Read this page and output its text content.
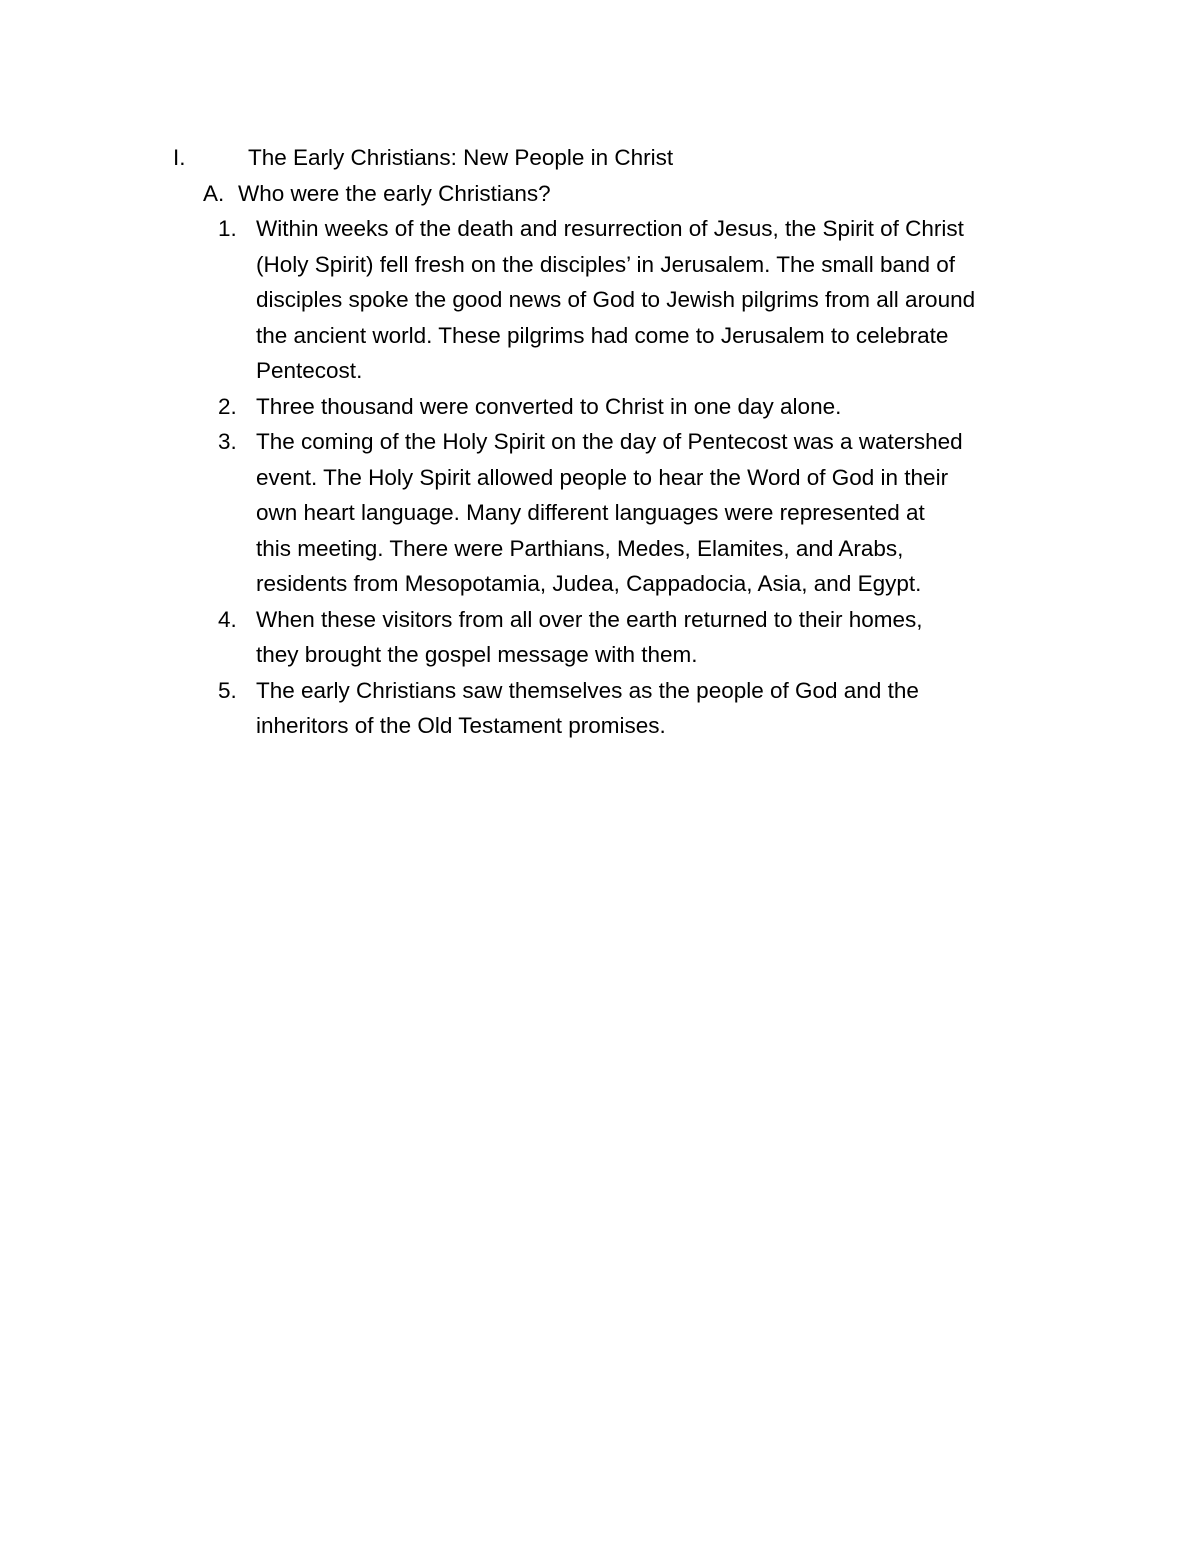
I.	The Early Christians: New People in Christ
A. Who were the early Christians?
1. Within weeks of the death and resurrection of Jesus, the Spirit of Christ
(Holy Spirit) fell fresh on the disciples’ in Jerusalem. The small band of
disciples spoke the good news of God to Jewish pilgrims from all around
the ancient world. These pilgrims had come to Jerusalem to celebrate
Pentecost.
2. Three thousand were converted to Christ in one day alone.
3. The coming of the Holy Spirit on the day of Pentecost was a watershed
event. The Holy Spirit allowed people to hear the Word of God in their
own heart language. Many different languages were represented at
this meeting. There were Parthians, Medes, Elamites, and Arabs,
residents from Mesopotamia, Judea, Cappadocia, Asia, and Egypt.
4. When these visitors from all over the earth returned to their homes,
they brought the gospel message with them.
5. The early Christians saw themselves as the people of God and the
inheritors of the Old Testament promises.
